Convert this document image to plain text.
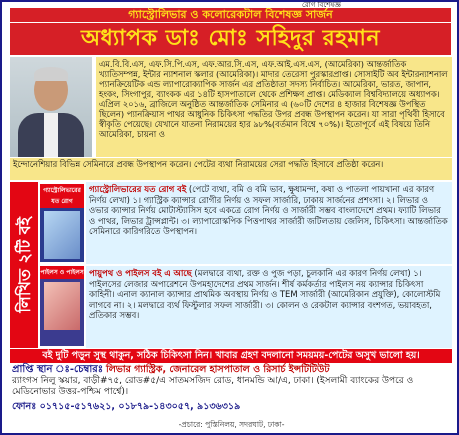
রোগ বিশেষজ্ঞ
গ্যাস্ট্রোলিভার ও কলোরেকটাল বিশেষজ্ঞ সার্জন
অধ্যাপক ডাঃ মোঃ সহিদুর রহমান
এম.বি.বি.এস, এফ.সি.পি.এস, এফ.আর.সি.এস, এফ.আই.এস.এস, (আমেরিকা) আন্তর্জাতিক খ্যাতিসম্পন্ন, ইন্টার ন্যাশনাল স্কলার (আমেরিকা)। মাদার তেরেসা পুরস্কারপ্রাপ্ত। সোসাইটি অব ইন্টারন্যাশনাল প্যানক্রিয়েটিক এন্ড ল্যাপারোক্যাপিক সার্জন এর প্রতিষ্ঠাতা সদস্য নির্বাচিত। আমেরিকা, ভারত, জাপান, হংকং, সিংগাপুর, ব্যাংকক এর ১৪টি হাসপাতালে থেকে প্রশিক্ষণ প্রাপ্ত। মেডিক্যাল বিশ্ববিদ্যালয়ে অধ্যাপক। এপ্রিল ২০১৬, ব্রাজিলে অনুষ্ঠিত আন্তর্জাতিক সেমিনার এ (৬০টি দেশের ৪ হাজার বিশেষজ্ঞ উপস্থিত ছিলেন) প্যানক্রিয়াস পাথর আধুনিক চিকিৎসা পদ্ধতির উপর প্রবন্ধ উপস্থাপন করেন। যা সারা পৃথিবী হিসাবে স্বীকৃতি পেয়েছে। যেখানে যাতনা নিরাময়ের হার ৯৮%(বর্তমান বিশ্বে ৭০%)। ইতোপূর্বে এই বিষয়ে তিনি আমেরিকা, চায়না ও
ইন্দোনেশিয়ার বিভিন্ন সেমিনারে প্রবন্ধ উপস্থাপন করেন। পেটের ব্যথা নিরাময়ের সেরা পদ্ধতি হিসাবে প্রতিষ্ঠা করেন।
লিখিত ২টি বই
গ্যাস্ট্রোলিভারের যত রোগ
গ্যাস্ট্রোলিভারের যত রোগ বই (পেটে ব্যথা, বমি ও বমি ভাব, ক্ষুধামন্দা, কষা ও পাতলা পায়খানা এর কারণ নির্ণয় লেখা) ১। গ্যাস্ট্রিক ক্যান্সার রোগীর নির্ণয় ও সফল সার্জারি, ঢাকায় সার্জনের প্রশংসা। ২। লিভার ও ওভার ক্যান্সার নির্ণয় মোটাস্ট্যাসিস হবে একত্রে রোগ নির্ণয় ও সার্জারী সম্ভব বাংলাদেশে প্রথম। ফ্যাটি লিভার ও পাথর, লিভার ট্রান্সপ্লান্ট। ৩। ল্যাপারোস্কপিক পিত্তপাথর সার্জারী জটিলতায় জেলিস, চিকিৎসা। আন্তর্জাতিক সেমিনারে কারিগরিতে উপস্থাপন।
পাইলস ও পাইলস পায়ুপথ ও পাইলস বই এ আছে (মলদ্বারে ব্যথা, রক্ত ও পুজ পড়া, চুলকানি এর কারণ নির্ণয় লেখা) ১। পাইলসের লেজার অপারেশনে উপমহাদেশের প্রথম সার্জন। শীর্ষ কর্মকর্তার পাইলস নয় ক্যান্সার চিকিৎসা কাহিনী। এনাল ক্যানাল ক্যান্সার প্রাথমিক অবস্থায় নির্ণয় ও TEM সার্জারী (আমেরিকান প্রযুক্তি), কোলোস্টমি লাগবে না। ২। মলদ্বারে ব্যর্থ ফিস্টুলার সফল সার্জারী। ৩। কোলন ও রেকটাল ক্যান্সার বংশগত, ভয়াবহতা, প্রতিকার সম্ভব।
বই দুটি পড়ুন সুস্থ থাকুন, সঠিক চিকিৎসা নিন। খাবার গ্রহণ বদলানো সময়ময়-পেটের অসুখ ভালো হয়।
প্রাপ্তি স্থান ঃ-চেম্বারঃ লিভার গ্যাস্ট্রিক, জেনারেল হাসপাতাল ও রিসার্চ ইন্সটিটিউট
র‍্যাংগস নিলু স্কয়ার, বাড়ী#৭৫, রোড#৫/এ সাতমসজিদ রোড, ধানমন্ডি আ/এ, ঢাকা। (ইসলামী ব্যাংকের উপরে ও মেডিনোভার উত্তর-পশ্চিম পার্শ্বে)।
ফোনঃ ০১৭১৫-৫১৭৬২১, ০১৮৭৯-১৪৩০৫৭, ৯১৩৬৩১৯
-প্রচারে: পুস্তিনিলয়, সদরঘাট, ঢাকা-
